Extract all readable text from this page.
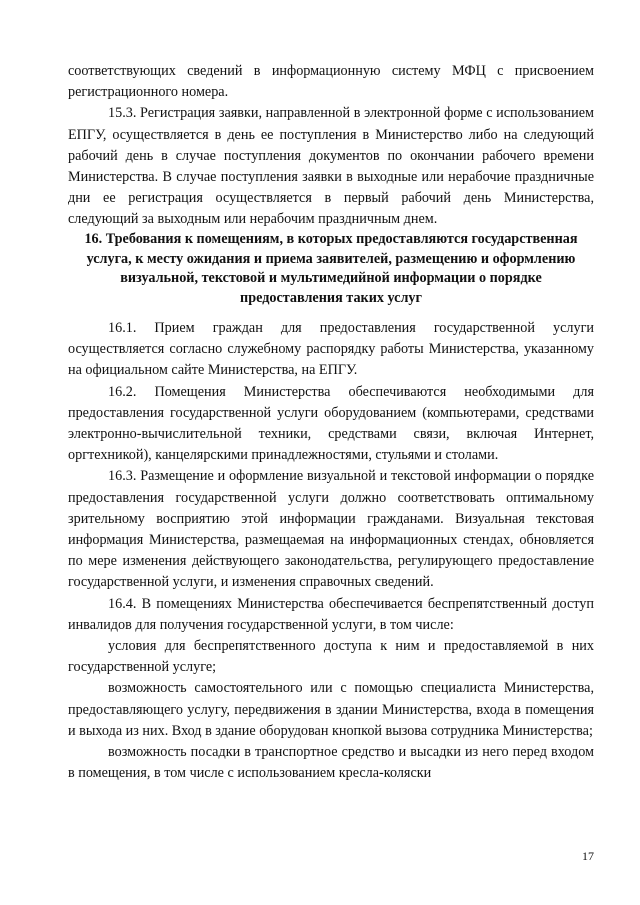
соответствующих сведений в информационную систему МФЦ с присвоением регистрационного номера.

15.3. Регистрация заявки, направленной в электронной форме с использованием ЕПГУ, осуществляется в день ее поступления в Министерство либо на следующий рабочий день в случае поступления документов по окончании рабочего времени Министерства. В случае поступления заявки в выходные или нерабочие праздничные дни ее регистрация осуществляется в первый рабочий день Министерства, следующий за выходным или нерабочим праздничным днем.

16. Требования к помещениям, в которых предоставляются государственная услуга, к месту ожидания и приема заявителей, размещению и оформлению визуальной, текстовой и мультимедийной информации о порядке предоставления таких услуг

16.1. Прием граждан для предоставления государственной услуги осуществляется согласно служебному распорядку работы Министерства, указанному на официальном сайте Министерства, на ЕПГУ.

16.2. Помещения Министерства обеспечиваются необходимыми для предоставления государственной услуги оборудованием (компьютерами, средствами электронно-вычислительной техники, средствами связи, включая Интернет, оргтехникой), канцелярскими принадлежностями, стульями и столами.

16.3. Размещение и оформление визуальной и текстовой информации о порядке предоставления государственной услуги должно соответствовать оптимальному зрительному восприятию этой информации гражданами. Визуальная текстовая информация Министерства, размещаемая на информационных стендах, обновляется по мере изменения действующего законодательства, регулирующего предоставление государственной услуги, и изменения справочных сведений.

16.4. В помещениях Министерства обеспечивается беспрепятственный доступ инвалидов для получения государственной услуги, в том числе:

условия для беспрепятственного доступа к ним и предоставляемой в них государственной услуге;

возможность самостоятельного или с помощью специалиста Министерства, предоставляющего услугу, передвижения в здании Министерства, входа в помещения и выхода из них. Вход в здание оборудован кнопкой вызова сотрудника Министерства;

возможность посадки в транспортное средство и высадки из него перед входом в помещения, в том числе с использованием кресла-коляски

17
